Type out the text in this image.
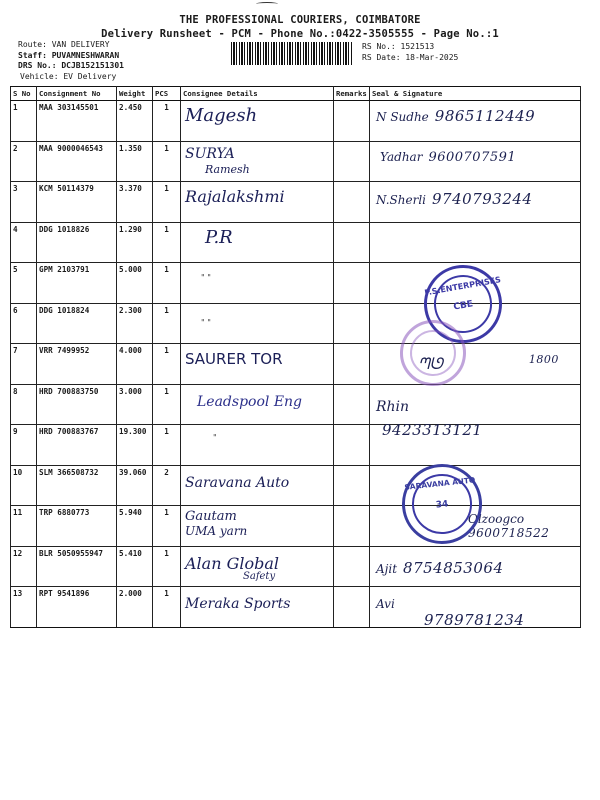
THE PROFESSIONAL COURIERS, COIMBATORE
Delivery Runsheet - PCM - Phone No.:0422-3505555 - Page No.:1
Route: VAN DELIVERY
Staff: PUVAMNESHWARAN
DRS No.: DCJB152151301
Vehicle: EV Delivery
RS No.: 1521513
RS Date: 18-Mar-2025
S No	Consignment No	Weight	PCS	Consignee Details	Remarks	Seal & Signature
1	MAA 303145501	2.450	1	Magesh		N Sudhe 9865112449

2	MAA 9000046543	1.350	1	SURYA
Ramesh		Yadhar 9600707591

3	KCM 50114379	3.370	1	Rajalakshmi		N.Sherli 9740793244

4	DDG 1018826	1.290	1	P.R		

5	GPM 2103791	5.000	1	" "		

6	DDG 1018824	2.300	1	" "		

7	VRR 7499952	4.000	1	SAURER TOR		ᘉᘎ 1800

8	HRD 700883750	3.000	1	Leadspool Eng		Rhin

9	HRD 700883767	19.300	1	"		9423313121

10	SLM 366508732	39.060	2	Saravana Auto		

11	TRP 6880773	5.940	1	Gautam
UMA yarn		Olzoogco
9600718522

12	BLR 5050955947	5.410	1	Alan Global
Safety		Ajit 8754853064

13	RPT 9541896	2.000	1	Meraka Sports		Avi
9789781234
P.S.ENTERPRISES
CBE
SARAVANA AUTO
34
